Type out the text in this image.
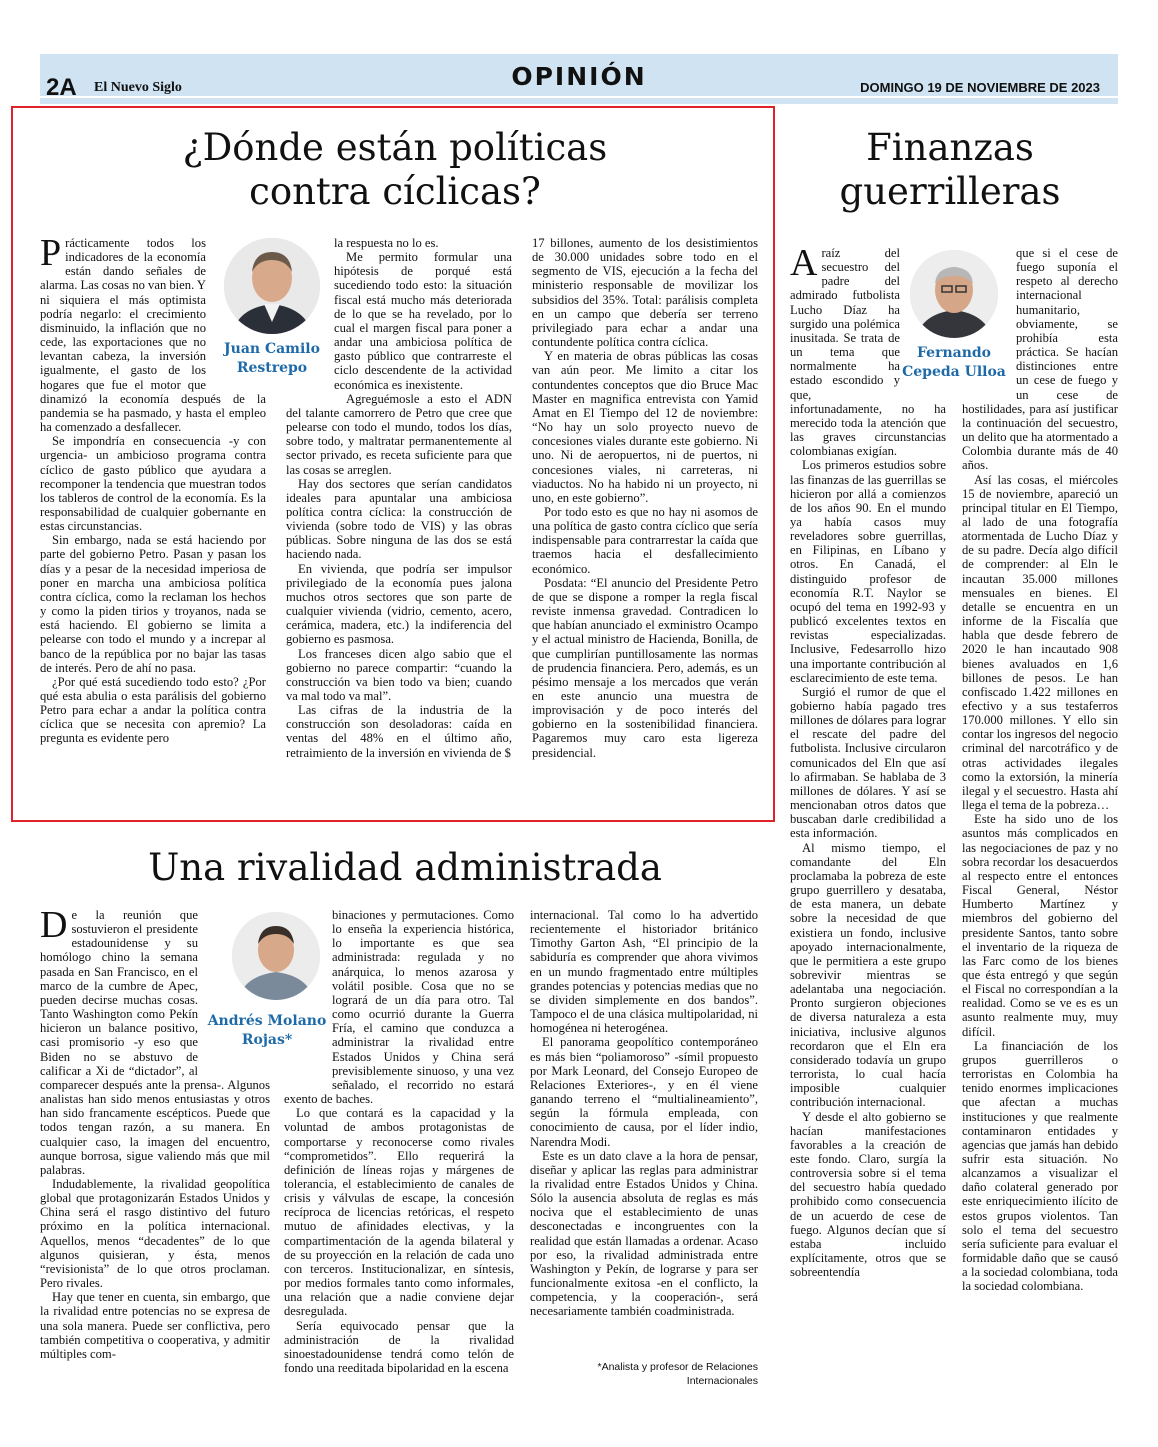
2A El Nuevo Siglo	OPINIÓN	DOMINGO 19 DE NOVIEMBRE DE 2023
¿Dónde están políticas
contra cíclicas?
Juan Camilo
Restrepo
P rácticamente todos los indicadores de la economía están dando señales de alarma. Las cosas no van bien. Y ni siquiera el más optimista podría negarlo: el crecimiento disminuido, la inflación que no cede, las exportaciones que no levantan cabeza, la inversión igualmente, el gasto de los hogares que fue el motor que dinamizó la economía después de la pandemia se ha pasmado, y hasta el empleo ha comenzado a desfallecer.

Se impondría en consecuencia -y con urgencia- un ambicioso programa contra cíclico de gasto público que ayudara a recomponer la tendencia que muestran todos los tableros de control de la economía. Es la responsabilidad de cualquier gobernante en estas circunstancias.

Sin embargo, nada se está haciendo por parte del gobierno Petro. Pasan y pasan los días y a pesar de la necesidad imperiosa de poner en marcha una ambiciosa política contra cíclica, como la reclaman los hechos y como la piden tirios y troyanos, nada se está haciendo. El gobierno se limita a pelearse con todo el mundo y a increpar al banco de la república por no bajar las tasas de interés. Pero de ahí no pasa.

¿Por qué está sucediendo todo esto? ¿Por qué esta abulia o esta parálisis del gobierno Petro para echar a andar la política contra cíclica que se necesita con apremio? La pregunta es evidente pero

la respuesta no lo es.

Me permito formular una hipótesis de porqué está sucediendo todo esto: la situación fiscal está mucho más deteriorada de lo que se ha revelado, por lo cual el margen fiscal para poner a andar una ambiciosa política de gasto público que contrarreste el ciclo descendente de la actividad económica es inexistente.

Agreguémosle a esto el ADN del talante camorrero de Petro que cree que pelearse con todo el mundo, todos los días, sobre todo, y maltratar permanentemente al sector privado, es receta suficiente para que las cosas se arreglen.

Hay dos sectores que serían candidatos ideales para apuntalar una ambiciosa política contra cíclica: la construcción de vivienda (sobre todo de VIS) y las obras públicas. Sobre ninguna de las dos se está haciendo nada.

En vivienda, que podría ser impulsor privilegiado de la economía pues jalona muchos otros sectores que son parte de cualquier vivienda (vidrio, cemento, acero, cerámica, madera, etc.) la indiferencia del gobierno es pasmosa.

Los franceses dicen algo sabio que el gobierno no parece compartir: “cuando la construcción va bien todo va bien; cuando va mal todo va mal”.

Las cifras de la industria de la construcción son desoladoras: caída en ventas del 48% en el último año, retraimiento de la inversión en vivienda de $

17 billones, aumento de los desistimientos de 30.000 unidades sobre todo en el segmento de VIS, ejecución a la fecha del ministerio responsable de movilizar los subsidios del 35%. Total: parálisis completa en un campo que debería ser terreno privilegiado para echar a andar una contundente política contra cíclica.

Y en materia de obras públicas las cosas van aún peor. Me limito a citar los contundentes conceptos que dio Bruce Mac Master en magnifica entrevista con Yamid Amat en El Tiempo del 12 de noviembre: “No hay un solo proyecto nuevo de concesiones viales durante este gobierno. Ni uno. Ni de aeropuertos, ni de puertos, ni concesiones viales, ni carreteras, ni viaductos. No ha habido ni un proyecto, ni uno, en este gobierno”.

Por todo esto es que no hay ni asomos de una política de gasto contra cíclico que sería indispensable para contrarrestar la caída que traemos hacia el desfallecimiento económico.

Posdata: “El anuncio del Presidente Petro de que se dispone a romper la regla fiscal reviste inmensa gravedad. Contradicen lo que habían anunciado el exministro Ocampo y el actual ministro de Hacienda, Bonilla, de que cumplirían puntillosamente las normas de prudencia financiera. Pero, además, es un pésimo mensaje a los mercados que verán en este anuncio una muestra de improvisación y de poco interés del gobierno en la sostenibilidad financiera. Pagaremos muy caro esta ligereza presidencial.

Una rivalidad administrada
Andrés Molano
Rojas*
D e la reunión que sostuvieron el presidente estadounidense y su homólogo chino la semana pasada en San Francisco, en el marco de la cumbre de Apec, pueden decirse muchas cosas. Tanto Washington como Pekín hicieron un balance positivo, casi promisorio -y eso que Biden no se abstuvo de calificar a Xi de “dictador”, al comparecer después ante la prensa-. Algunos analistas han sido menos entusiastas y otros han sido francamente escépticos. Puede que todos tengan razón, a su manera. En cualquier caso, la imagen del encuentro, aunque borrosa, sigue valiendo más que mil palabras.

Indudablemente, la rivalidad geopolítica global que protagonizarán Estados Unidos y China será el rasgo distintivo del futuro próximo en la política internacional. Aquellos, menos “decadentes” de lo que algunos quisieran, y ésta, menos “revisionista” de lo que otros proclaman. Pero rivales.

Hay que tener en cuenta, sin embargo, que la rivalidad entre potencias no se expresa de una sola manera. Puede ser conflictiva, pero también competitiva o cooperativa, y admitir múltiples com-

binaciones y permutaciones. Como lo enseña la experiencia histórica, lo importante es que sea administrada: regulada y no anárquica, lo menos azarosa y volátil posible. Cosa que no se logrará de un día para otro. Tal como ocurrió durante la Guerra Fría, el camino que conduzca a administrar la rivalidad entre Estados Unidos y China será previsiblemente sinuoso, y una vez señalado, el recorrido no estará exento de baches.

Lo que contará es la capacidad y la voluntad de ambos protagonistas de comportarse y reconocerse como rivales “comprometidos”. Ello requerirá la definición de líneas rojas y márgenes de tolerancia, el establecimiento de canales de crisis y válvulas de escape, la concesión recíproca de licencias retóricas, el respeto mutuo de afinidades electivas, y la compartimentación de la agenda bilateral y de su proyección en la relación de cada uno con terceros. Institucionalizar, en síntesis, por medios formales tanto como informales, una relación que a nadie conviene dejar desregulada.

Sería equivocado pensar que la administración de la rivalidad sinoestadounidense tendrá como telón de fondo una reeditada bipolaridad en la escena

internacional. Tal como lo ha advertido recientemente el historiador británico Timothy Garton Ash, “El principio de la sabiduría es comprender que ahora vivimos en un mundo fragmentado entre múltiples grandes potencias y potencias medias que no se dividen simplemente en dos bandos”. Tampoco el de una clásica multipolaridad, ni homogénea ni heterogénea.

El panorama geopolítico contemporáneo es más bien “poliamoroso” -símil propuesto por Mark Leonard, del Consejo Europeo de Relaciones Exteriores-, y en él viene ganando terreno el “multialineamiento”, según la fórmula empleada, con conocimiento de causa, por el líder indio, Narendra Modi.

Este es un dato clave a la hora de pensar, diseñar y aplicar las reglas para administrar la rivalidad entre Estados Unidos y China. Sólo la ausencia absoluta de reglas es más nociva que el establecimiento de unas desconectadas e incongruentes con la realidad que están llamadas a ordenar. Acaso por eso, la rivalidad administrada entre Washington y Pekín, de lograrse y para ser funcionalmente exitosa -en el conflicto, la competencia, y la cooperación-, será necesariamente también coadministrada.

*Analista y profesor de Relaciones
Internacionales
Finanzas
guerrilleras
Fernando
Cepeda Ulloa
A raíz del secuestro del padre del admirado futbolista Lucho Díaz ha surgido una polémica inusitada. Se trata de un tema que normalmente ha estado escondido y que, infortunadamente, no ha merecido toda la atención que las graves circunstancias colombianas exigían.

Los primeros estudios sobre las finanzas de las guerrillas se hicieron por allá a comienzos de los años 90. En el mundo ya había casos muy reveladores sobre guerrillas, en Filipinas, en Líbano y otros. En Canadá, el distinguido profesor de economía R.T. Naylor se ocupó del tema en 1992-93 y publicó excelentes textos en revistas especializadas. Inclusive, Fedesarrollo hizo una importante contribución al esclarecimiento de este tema.

Surgió el rumor de que el gobierno había pagado tres millones de dólares para lograr el rescate del padre del futbolista. Inclusive circularon comunicados del Eln que así lo afirmaban. Se hablaba de 3 millones de dólares. Y así se mencionaban otros datos que buscaban darle credibilidad a esta información.

Al mismo tiempo, el comandante del Eln proclamaba la pobreza de este grupo guerrillero y desataba, de esta manera, un debate sobre la necesidad de que existiera un fondo, inclusive apoyado internacionalmente, que le permitiera a este grupo sobrevivir mientras se adelantaba una negociación. Pronto surgieron objeciones de diversa naturaleza a esta iniciativa, inclusive algunos recordaron que el Eln era considerado todavía un grupo terrorista, lo cual hacía imposible cualquier contribución internacional.

Y desde el alto gobierno se hacían manifestaciones favorables a la creación de este fondo. Claro, surgía la controversia sobre si el tema del secuestro había quedado prohibido como consecuencia de un acuerdo de cese de fuego. Algunos decían que sí estaba incluido explícitamente, otros que se sobreentendía

que si el cese de fuego suponía el respeto al derecho internacional humanitario, obviamente, se prohibía esta práctica. Se hacían distinciones entre un cese de fuego y un cese de hostilidades, para así justificar la continuación del secuestro, un delito que ha atormentado a Colombia durante más de 40 años.

Así las cosas, el miércoles 15 de noviembre, apareció un principal titular en El Tiempo, al lado de una fotografía atormentada de Lucho Díaz y de su padre. Decía algo difícil de comprender: al Eln le incautan 35.000 millones mensuales en bienes. El detalle se encuentra en un informe de la Fiscalía que habla que desde febrero de 2020 le han incautado 908 bienes avaluados en 1,6 billones de pesos. Le han confiscado 1.422 millones en efectivo y a sus testaferros 170.000 millones. Y ello sin contar los ingresos del negocio criminal del narcotráfico y de otras actividades ilegales como la extorsión, la minería ilegal y el secuestro. Hasta ahí llega el tema de la pobreza…

Este ha sido uno de los asuntos más complicados en las negociaciones de paz y no sobra recordar los desacuerdos al respecto entre el entonces Fiscal General, Néstor Humberto Martínez y miembros del gobierno del presidente Santos, tanto sobre el inventario de la riqueza de las Farc como de los bienes que ésta entregó y que según el Fiscal no correspondían a la realidad. Como se ve es es un asunto realmente muy, muy difícil.

La financiación de los grupos guerrilleros o terroristas en Colombia ha tenido enormes implicaciones que afectan a muchas instituciones y que realmente contaminaron entidades y agencias que jamás han debido sufrir esta situación. No alcanzamos a visualizar el daño colateral generado por este enriquecimiento ilícito de estos grupos violentos. Tan solo el tema del secuestro sería suficiente para evaluar el formidable daño que se causó a la sociedad colombiana, toda la sociedad colombiana.
